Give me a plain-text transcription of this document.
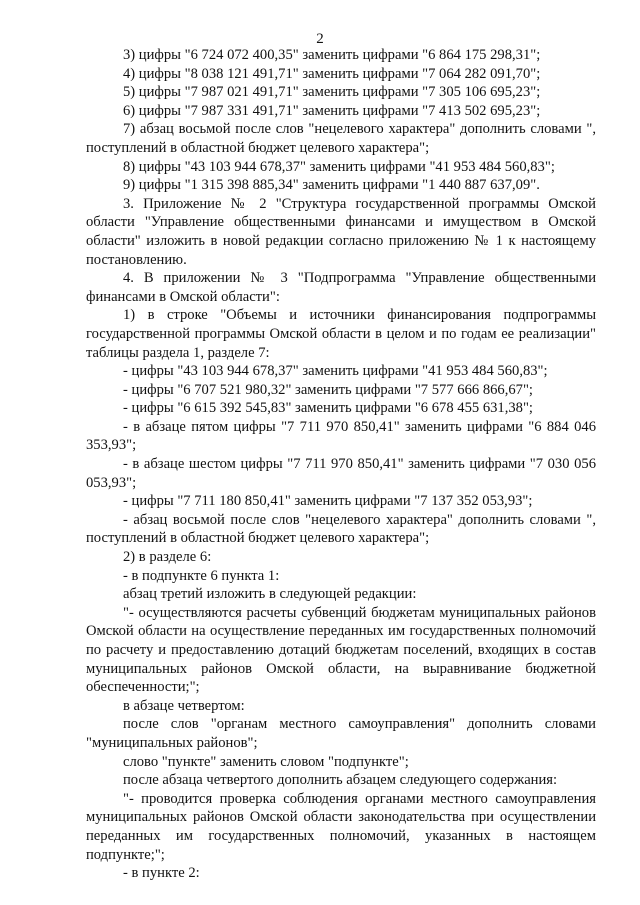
2

3) цифры "6 724 072 400,35" заменить цифрами "6 864 175 298,31";

4) цифры "8 038 121 491,71" заменить цифрами "7 064 282 091,70";

5) цифры "7 987 021 491,71" заменить цифрами "7 305 106 695,23";

6) цифры "7 987 331 491,71" заменить цифрами "7 413 502 695,23";

7) абзац восьмой после слов "нецелевого характера" дополнить словами ", поступлений в областной бюджет целевого характера";

8) цифры "43 103 944 678,37" заменить цифрами "41 953 484 560,83";

9) цифры "1 315 398 885,34" заменить цифрами "1 440 887 637,09".

3. Приложение № 2 "Структура государственной программы Омской области "Управление общественными финансами и имуществом в Омской области" изложить в новой редакции согласно приложению № 1 к настоящему постановлению.

4. В приложении № 3 "Подпрограмма "Управление общественными финансами в Омской области":

1) в строке "Объемы и источники финансирования подпрограммы государственной программы Омской области в целом и по годам ее реализации" таблицы раздела 1, разделе 7:

- цифры "43 103 944 678,37" заменить цифрами "41 953 484 560,83";

- цифры "6 707 521 980,32" заменить цифрами "7 577 666 866,67";

- цифры "6 615 392 545,83" заменить цифрами "6 678 455 631,38";

- в абзаце пятом цифры "7 711 970 850,41" заменить цифрами "6 884 046 353,93";

- в абзаце шестом цифры "7 711 970 850,41" заменить цифрами "7 030 056 053,93";

- цифры "7 711 180 850,41" заменить цифрами "7 137 352 053,93";

- абзац восьмой после слов "нецелевого характера" дополнить словами ", поступлений в областной бюджет целевого характера";

2) в разделе 6:

- в подпункте 6 пункта 1:

абзац третий изложить в следующей редакции:

"- осуществляются расчеты субвенций бюджетам муниципальных районов Омской области на осуществление переданных им государственных полномочий по расчету и предоставлению дотаций бюджетам поселений, входящих в состав муниципальных районов Омской области, на выравнивание бюджетной обеспеченности;";

в абзаце четвертом:

после слов "органам местного самоуправления" дополнить словами "муниципальных районов";

слово "пункте" заменить словом "подпункте";

после абзаца четвертого дополнить абзацем следующего содержания:

"- проводится проверка соблюдения органами местного самоуправления муниципальных районов Омской области законодательства при осуществлении переданных им государственных полномочий, указанных в настоящем подпункте;";

- в пункте 2:
